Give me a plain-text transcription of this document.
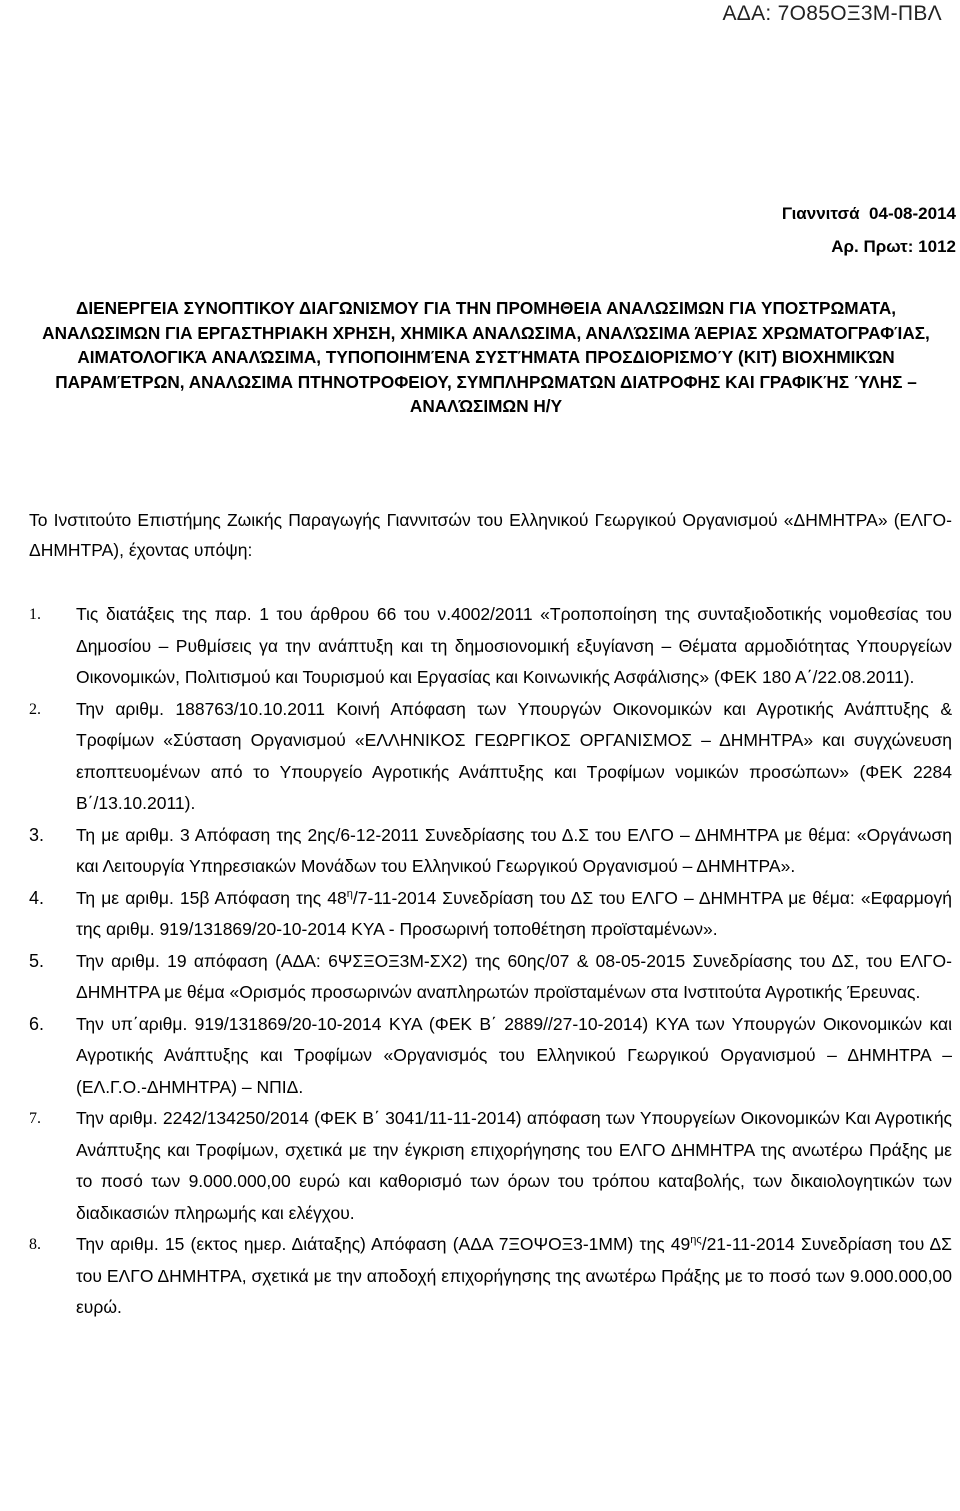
ΑΔΑ: 7Ο85ΟΞ3Μ-ΠΒΛ
Γιαννιτσά 04-08-2014
Αρ. Πρωτ: 1012
ΔΙΕΝΕΡΓΕΙΑ ΣΥΝΟΠΤΙΚΟΥ ΔΙΑΓΩΝΙΣΜΟΥ ΓΙΑ ΤΗΝ ΠΡΟΜΗΘΕΙΑ ΑΝΑΛΩΣΙΜΩΝ ΓΙΑ ΥΠΟΣΤΡΩΜΑΤΑ, ΑΝΑΛΩΣΙΜΩΝ ΓΙΑ ΕΡΓΑΣΤΗΡΙΑΚΗ ΧΡΗΣΗ, ΧΗΜΙΚΑ ΑΝΑΛΩΣΙΜΑ, ΑΝΑΛΏΣΙΜΑ ΆΕΡΙΑΣ ΧΡΩΜΑΤΟΓΡΑΦΊΑΣ, ΑΙΜΑΤΟΛΟΓΙΚΆ ΑΝΑΛΏΣΙΜΑ, ΤΥΠΟΠΟΙΗΜΈΝΑ ΣΥΣΤΉΜΑΤΑ ΠΡΟΣΔΙΟΡΙΣΜΟΎ (KIT) ΒΙΟΧΗΜΙΚΏΝ ΠΑΡΑΜΈΤΡΩΝ, ΑΝΑΛΩΣΙΜΑ ΠΤΗΝΟΤΡΟΦΕΙΟΥ, ΣΥΜΠΛΗΡΩΜΑΤΩΝ ΔΙΑΤΡΟΦΗΣ ΚΑΙ ΓΡΑΦΙΚΉΣ ΎΛΗΣ – ΑΝΑΛΏΣΙΜΩΝ Η/Υ
Το Ινστιτούτο Επιστήμης Ζωικής Παραγωγής Γιαννιτσών του Ελληνικού Γεωργικού Οργανισμού «ΔΗΜΗΤΡΑ» (ΕΛΓΟ-ΔΗΜΗΤΡΑ), έχοντας υπόψη:
1.	Τις διατάξεις της παρ. 1 του άρθρου 66 του ν.4002/2011 «Τροποποίηση της συνταξιοδοτικής νομοθεσίας του Δημοσίου – Ρυθμίσεις γα την ανάπτυξη και τη δημοσιονομική εξυγίανση – Θέματα αρμοδιότητας Υπουργείων Οικονομικών, Πολιτισμού και Τουρισμού και Εργασίας και Κοινωνικής Ασφάλισης» (ΦΕΚ 180 Α΄/22.08.2011).
2.	Την αριθμ. 188763/10.10.2011 Κοινή Απόφαση των Υπουργών Οικονομικών και Αγροτικής Ανάπτυξης & Τροφίμων «Σύσταση Οργανισμού «ΕΛΛΗΝΙΚΟΣ ΓΕΩΡΓΙΚΟΣ ΟΡΓΑΝΙΣΜΟΣ – ΔΗΜΗΤΡΑ» και συγχώνευση εποπτευομένων από το Υπουργείο Αγροτικής Ανάπτυξης και Τροφίμων νομικών προσώπων» (ΦΕΚ 2284 Β΄/13.10.2011).
3.	Τη με αριθμ. 3 Απόφαση της 2ης/6-12-2011 Συνεδρίασης του Δ.Σ του ΕΛΓΟ – ΔΗΜΗΤΡΑ με θέμα: «Οργάνωση και Λειτουργία Υπηρεσιακών Μονάδων του Ελληνικού Γεωργικού Οργανισμού – ΔΗΜΗΤΡΑ».
4.	Τη με αριθμ. 15β Απόφαση της $48^\eta/7-11-2014$ Συνεδρίαση του ΔΣ του ΕΛΓΟ – ΔΗΜΗΤΡΑ με θέμα: «Εφαρμογή της αριθμ. 919/131869/20-10-2014 ΚΥΑ - Προσωρινή τοποθέτηση προϊσταμένων».
5.	Την αριθμ. 19 απόφαση (ΑΔΑ: 6ΨΣΞΟΞ3Μ-ΣΧ2) της 60ης/07 & 08-05-2015 Συνεδρίασης του ΔΣ, του ΕΛΓΟ-ΔΗΜΗΤΡΑ με θέμα «Ορισμός προσωρινών αναπληρωτών προϊσταμένων στα Ινστιτούτα Αγροτικής Έρευνας.
6.	Την υπ΄αριθμ. 919/131869/20-10-2014 ΚΥΑ (ΦΕΚ Β΄ 2889//27-10-2014) ΚΥΑ των Υπουργών Οικονομικών και Αγροτικής Ανάπτυξης και Τροφίμων «Οργανισμός του Ελληνικού Γεωργικού Οργανισμού – ΔΗΜΗΤΡΑ – (ΕΛ.Γ.Ο.-ΔΗΜΗΤΡΑ) – ΝΠΙΔ.
7.	Την αριθμ. 2242/134250/2014 (ΦΕΚ Β΄ 3041/11-11-2014) απόφαση των Υπουργείων Οικονομικών Και Αγροτικής Ανάπτυξης και Τροφίμων, σχετικά με την έγκριση επιχορήγησης του ΕΛΓΟ ΔΗΜΗΤΡΑ της ανωτέρω Πράξης με το ποσό των 9.000.000,00 ευρώ και καθορισμό των όρων του τρόπου καταβολής, των δικαιολογητικών των διαδικασιών πληρωμής και ελέγχου.
8.	Την αριθμ. 15 (εκτος ημερ. Διάταξης) Απόφαση (ΑΔΑ 7ΞΟΨΟΞ3-1ΜΜ) της $49^{\eta\varsigma}/21-11-2014$ Συνεδρίαση του ΔΣ του ΕΛΓΟ ΔΗΜΗΤΡΑ, σχετικά με την αποδοχή επιχορήγησης της ανωτέρω Πράξης με το ποσό των 9.000.000,00 ευρώ.
